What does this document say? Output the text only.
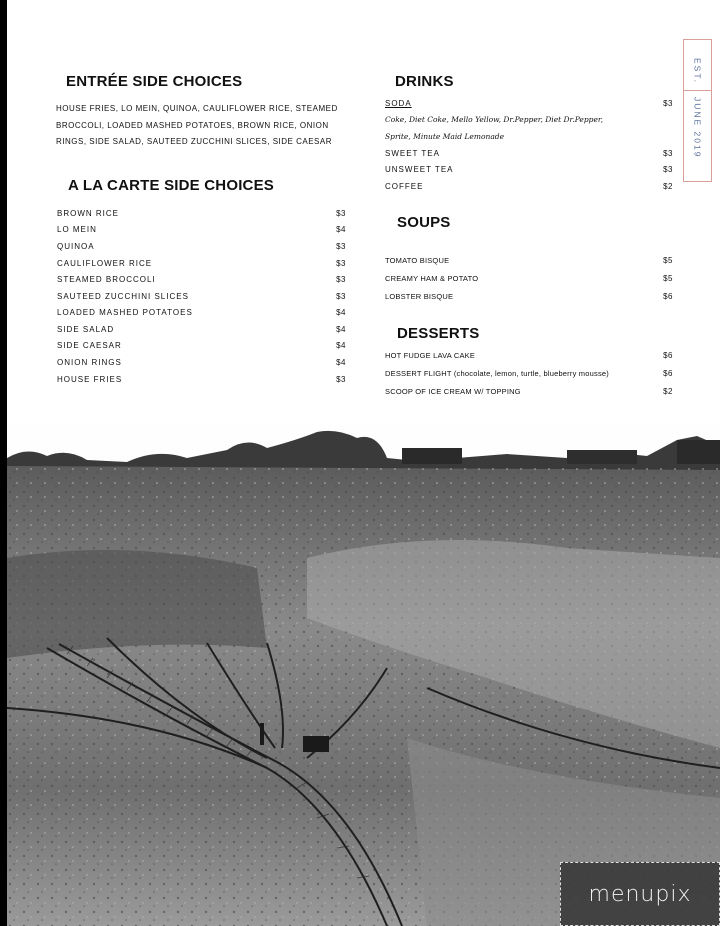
EST.
JUNE 2019
ENTRÉE SIDE CHOICES
HOUSE FRIES, LO MEIN, QUINOA, CAULIFLOWER RICE, STEAMED
BROCCOLI, LOADED MASHED POTATOES, BROWN RICE, ONION
RINGS, SIDE SALAD, SAUTEED ZUCCHINI SLICES, SIDE CAESAR
A LA CARTE SIDE CHOICES
BROWN RICE	$3
LO MEIN	$4
QUINOA	$3
CAULIFLOWER RICE	$3
STEAMED BROCCOLI	$3
SAUTEED ZUCCHINI SLICES	$3
LOADED MASHED POTATOES	$4
SIDE SALAD	$4
SIDE CAESAR	$4
ONION RINGS	$4
HOUSE FRIES	$3
DRINKS
SODA	$3
Coke, Diet Coke, Mello Yellow, Dr.Pepper, Diet Dr.Pepper,
Sprite, Minute Maid Lemonade
SWEET TEA	$3
UNSWEET TEA	$3
COFFEE	$2
SOUPS
TOMATO BISQUE	$5
CREAMY HAM & POTATO	$5
LOBSTER BISQUE	$6
DESSERTS
HOT FUDGE LAVA CAKE	$6
DESSERT FLIGHT (chocolate, lemon, turtle, blueberry mousse)	$6
SCOOP OF ICE CREAM W/ TOPPING	$2
menupix
